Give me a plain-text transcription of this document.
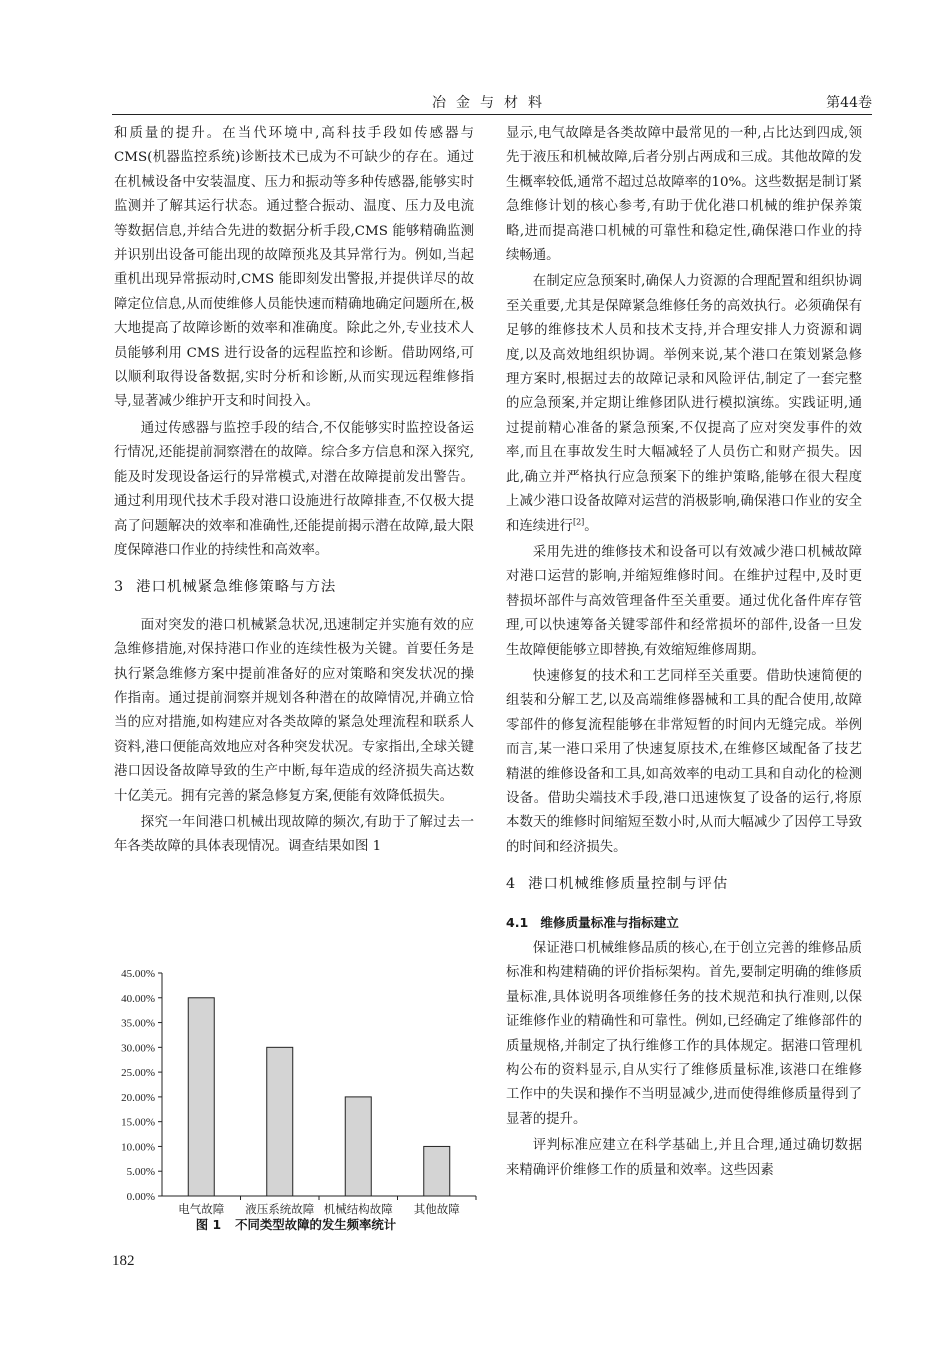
冶金与材料	第44卷

和质量的提升。在当代环境中,高科技手段如传感器与CMS(机器监控系统)诊断技术已成为不可缺少的存在。通过在机械设备中安装温度、压力和振动等多种传感器,能够实时监测并了解其运行状态。通过整合振动、温度、压力及电流等数据信息,并结合先进的数据分析手段,CMS 能够精确监测并识别出设备可能出现的故障预兆及其异常行为。例如,当起重机出现异常振动时,CMS 能即刻发出警报,并提供详尽的故障定位信息,从而使维修人员能快速而精确地确定问题所在,极大地提高了故障诊断的效率和准确度。除此之外,专业技术人员能够利用 CMS 进行设备的远程监控和诊断。借助网络,可以顺利取得设备数据,实时分析和诊断,从而实现远程维修指导,显著减少维护开支和时间投入。

通过传感器与监控手段的结合,不仅能够实时监控设备运行情况,还能提前洞察潜在的故障。综合多方信息和深入探究,能及时发现设备运行的异常模式,对潜在故障提前发出警告。通过利用现代技术手段对港口设施进行故障排查,不仅极大提高了问题解决的效率和准确性,还能提前揭示潜在故障,最大限度保障港口作业的持续性和高效率。

3 港口机械紧急维修策略与方法

面对突发的港口机械紧急状况,迅速制定并实施有效的应急维修措施,对保持港口作业的连续性极为关键。首要任务是执行紧急维修方案中提前准备好的应对策略和突发状况的操作指南。通过提前洞察并规划各种潜在的故障情况,并确立恰当的应对措施,如构建应对各类故障的紧急处理流程和联系人资料,港口便能高效地应对各种突发状况。专家指出,全球关键港口因设备故障导致的生产中断,每年造成的经济损失高达数十亿美元。拥有完善的紧急修复方案,便能有效降低损失。

探究一年间港口机械出现故障的频次,有助于了解过去一年各类故障的具体表现情况。调查结果如图 1

0.00%
5.00%
10.00%
15.00%
20.00%
25.00%
30.00%
35.00%
40.00%
45.00%
电气故障 液压系统故障 机械结构故障 其他故障
图 1 不同类型故障的发生频率统计

显示,电气故障是各类故障中最常见的一种,占比达到四成,领先于液压和机械故障,后者分别占两成和三成。其他故障的发生概率较低,通常不超过总故障率的10%。这些数据是制订紧急维修计划的核心参考,有助于优化港口机械的维护保养策略,进而提高港口机械的可靠性和稳定性,确保港口作业的持续畅通。

在制定应急预案时,确保人力资源的合理配置和组织协调至关重要,尤其是保障紧急维修任务的高效执行。必须确保有足够的维修技术人员和技术支持,并合理安排人力资源和调度,以及高效地组织协调。举例来说,某个港口在策划紧急修理方案时,根据过去的故障记录和风险评估,制定了一套完整的应急预案,并定期让维修团队进行模拟演练。实践证明,通过提前精心准备的紧急预案,不仅提高了应对突发事件的效率,而且在事故发生时大幅减轻了人员伤亡和财产损失。因此,确立并严格执行应急预案下的维护策略,能够在很大程度上减少港口设备故障对运营的消极影响,确保港口作业的安全和连续进行[2]。

采用先进的维修技术和设备可以有效减少港口机械故障对港口运营的影响,并缩短维修时间。在维护过程中,及时更替损坏部件与高效管理备件至关重要。通过优化备件库存管理,可以快速筹备关键零部件和经常损坏的部件,设备一旦发生故障便能够立即替换,有效缩短维修周期。

快速修复的技术和工艺同样至关重要。借助快速简便的组装和分解工艺,以及高端维修器械和工具的配合使用,故障零部件的修复流程能够在非常短暂的时间内无缝完成。举例而言,某一港口采用了快速复原技术,在维修区域配备了技艺精湛的维修设备和工具,如高效率的电动工具和自动化的检测设备。借助尖端技术手段,港口迅速恢复了设备的运行,将原本数天的维修时间缩短至数小时,从而大幅减少了因停工导致的时间和经济损失。

4 港口机械维修质量控制与评估
4.1 维修质量标准与指标建立

保证港口机械维修品质的核心,在于创立完善的维修品质标准和构建精确的评价指标架构。首先,要制定明确的维修质量标准,具体说明各项维修任务的技术规范和执行准则,以保证维修作业的精确性和可靠性。例如,已经确定了维修部件的质量规格,并制定了执行维修工作的具体规定。据港口管理机构公布的资料显示,自从实行了维修质量标准,该港口在维修工作中的失误和操作不当明显减少,进而使得维修质量得到了显著的提升。

评判标准应建立在科学基础上,并且合理,通过确切数据来精确评价维修工作的质量和效率。这些因素

182
